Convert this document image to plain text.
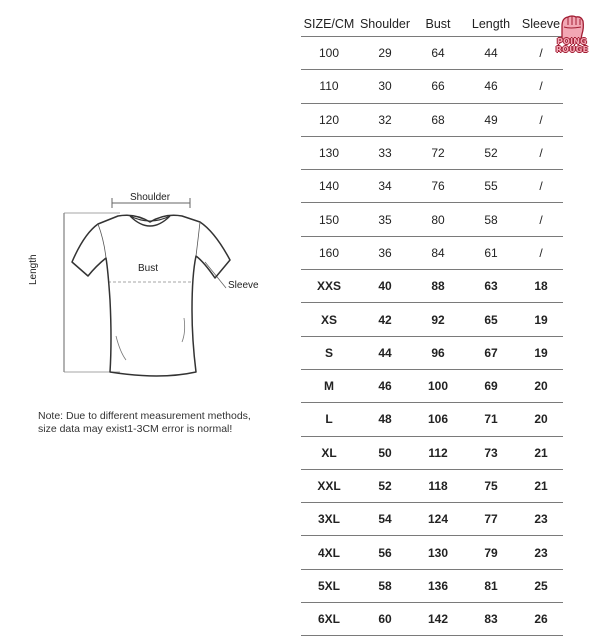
Shoulder
Bust
Sleeve
Length
Note: Due to different measurement methods,
size data may exist1-3CM error is normal!
SIZE/CM	Shoulder	Bust	Length	Sleeve
100	29	64	44	/
110	30	66	46	/
120	32	68	49	/
130	33	72	52	/
140	34	76	55	/
150	35	80	58	/
160	36	84	61	/
XXS	40	88	63	18
XS	42	92	65	19
S	44	96	67	19
M	46	100	69	20
L	48	106	71	20
XL	50	112	73	21
XXL	52	118	75	21
3XL	54	124	77	23
4XL	56	130	79	23
5XL	58	136	81	25
6XL	60	142	83	26
POING
ROUGE
